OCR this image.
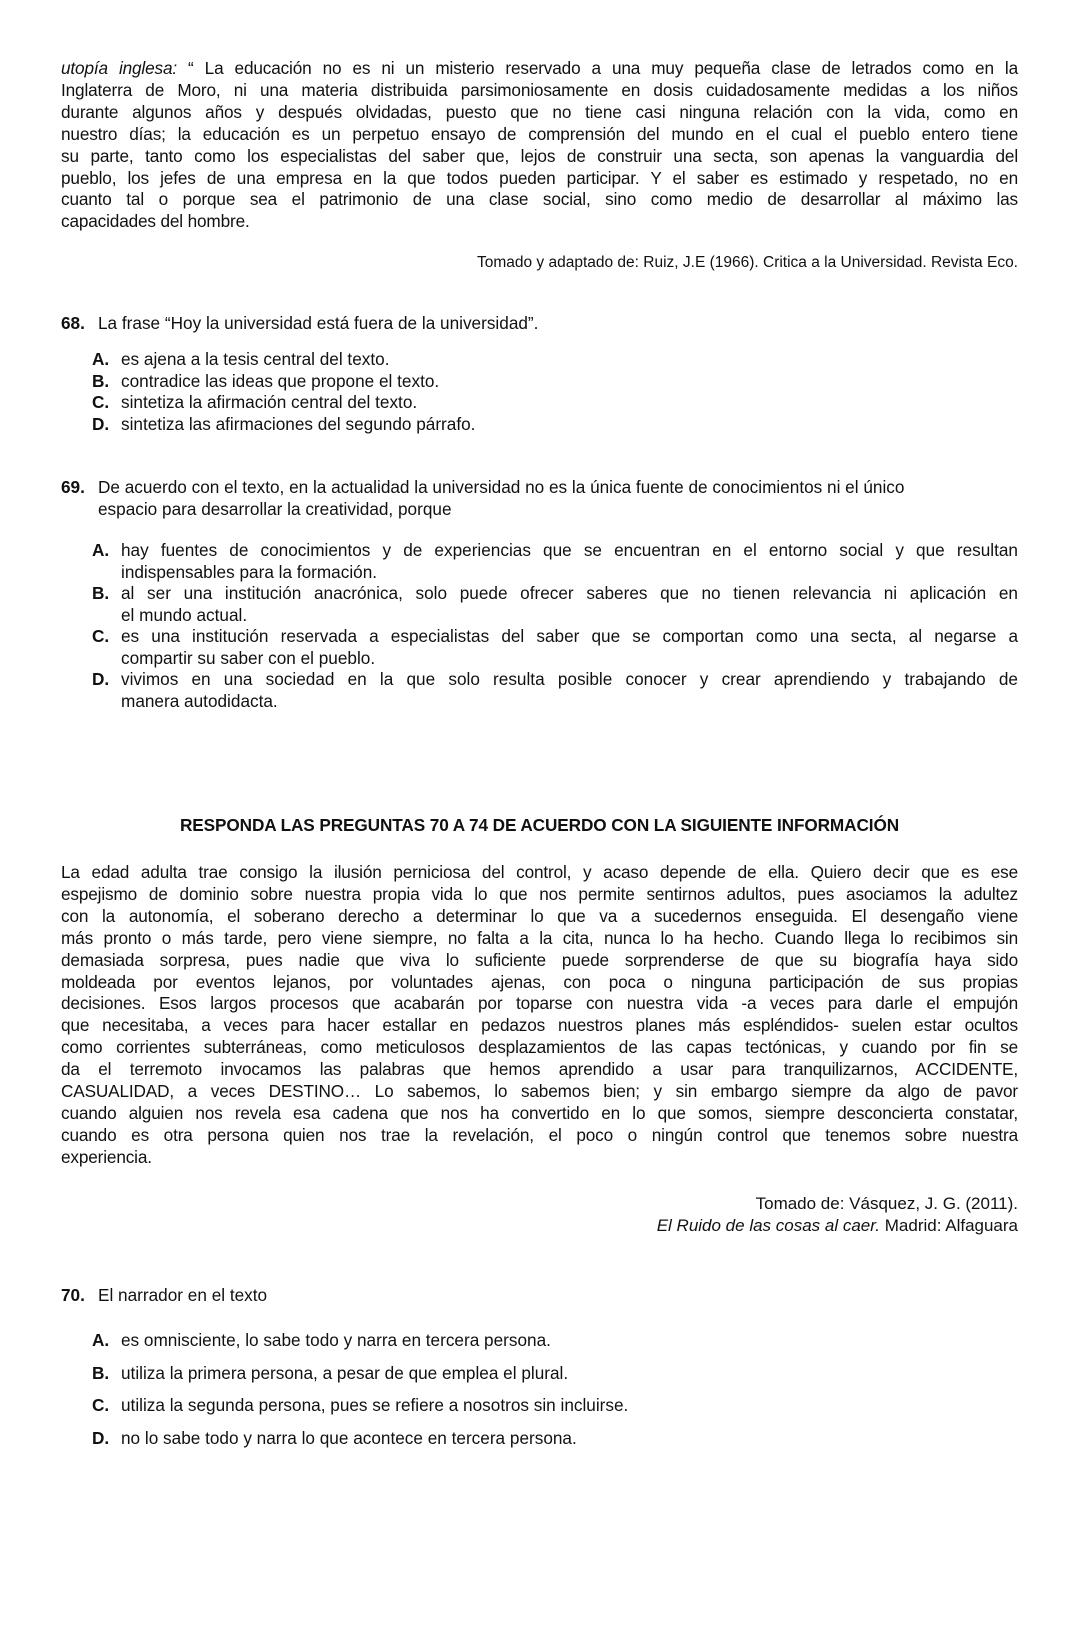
utopía inglesa: “ La educación no es ni un misterio reservado a una muy pequeña clase de letrados como en la
Inglaterra de Moro, ni una materia distribuida parsimoniosamente en dosis cuidadosamente medidas a los niños
durante algunos años y después olvidadas, puesto que no tiene casi ninguna relación con la vida, como en
nuestro días; la educación es un perpetuo ensayo de comprensión del mundo en el cual el pueblo entero tiene
su parte, tanto como los especialistas del saber que, lejos de construir una secta, son apenas la vanguardia del
pueblo, los jefes de una empresa en la que todos pueden participar. Y el saber es estimado y respetado, no en
cuanto tal o porque sea el patrimonio de una clase social, sino como medio de desarrollar al máximo las
capacidades del hombre.
Tomado y adaptado de: Ruiz, J.E (1966). Critica a la Universidad. Revista Eco.
68. La frase “Hoy la universidad está fuera de la universidad”.
A. es ajena a la tesis central del texto.
B. contradice las ideas que propone el texto.
C. sintetiza la afirmación central del texto.
D. sintetiza las afirmaciones del segundo párrafo.
69. De acuerdo con el texto, en la actualidad la universidad no es la única fuente de conocimientos ni el único
espacio para desarrollar la creatividad, porque
A. hay fuentes de conocimientos y de experiencias que se encuentran en el entorno social y que resultan
indispensables para la formación.
B. al ser una institución anacrónica, solo puede ofrecer saberes que no tienen relevancia ni aplicación en
el mundo actual.
C. es una institución reservada a especialistas del saber que se comportan como una secta, al negarse a
compartir su saber con el pueblo.
D. vivimos en una sociedad en la que solo resulta posible conocer y crear aprendiendo y trabajando de
manera autodidacta.
RESPONDA LAS PREGUNTAS 70 A 74 DE ACUERDO CON LA SIGUIENTE INFORMACIÓN
La edad adulta trae consigo la ilusión perniciosa del control, y acaso depende de ella. Quiero decir que es ese
espejismo de dominio sobre nuestra propia vida lo que nos permite sentirnos adultos, pues asociamos la adultez
con la autonomía, el soberano derecho a determinar lo que va a sucedernos enseguida. El desengaño viene
más pronto o más tarde, pero viene siempre, no falta a la cita, nunca lo ha hecho. Cuando llega lo recibimos sin
demasiada sorpresa, pues nadie que viva lo suficiente puede sorprenderse de que su biografía haya sido
moldeada por eventos lejanos, por voluntades ajenas, con poca o ninguna participación de sus propias
decisiones. Esos largos procesos que acabarán por toparse con nuestra vida -a veces para darle el empujón
que necesitaba, a veces para hacer estallar en pedazos nuestros planes más espléndidos- suelen estar ocultos
como corrientes subterráneas, como meticulosos desplazamientos de las capas tectónicas, y cuando por fin se
da el terremoto invocamos las palabras que hemos aprendido a usar para tranquilizarnos, ACCIDENTE,
CASUALIDAD, a veces DESTINO… Lo sabemos, lo sabemos bien; y sin embargo siempre da algo de pavor
cuando alguien nos revela esa cadena que nos ha convertido en lo que somos, siempre desconcierta constatar,
cuando es otra persona quien nos trae la revelación, el poco o ningún control que tenemos sobre nuestra
experiencia.
Tomado de: Vásquez, J. G. (2011).
El Ruido de las cosas al caer. Madrid: Alfaguara
70. El narrador en el texto
A. es omnisciente, lo sabe todo y narra en tercera persona.
B. utiliza la primera persona, a pesar de que emplea el plural.
C. utiliza la segunda persona, pues se refiere a nosotros sin incluirse.
D. no lo sabe todo y narra lo que acontece en tercera persona.
